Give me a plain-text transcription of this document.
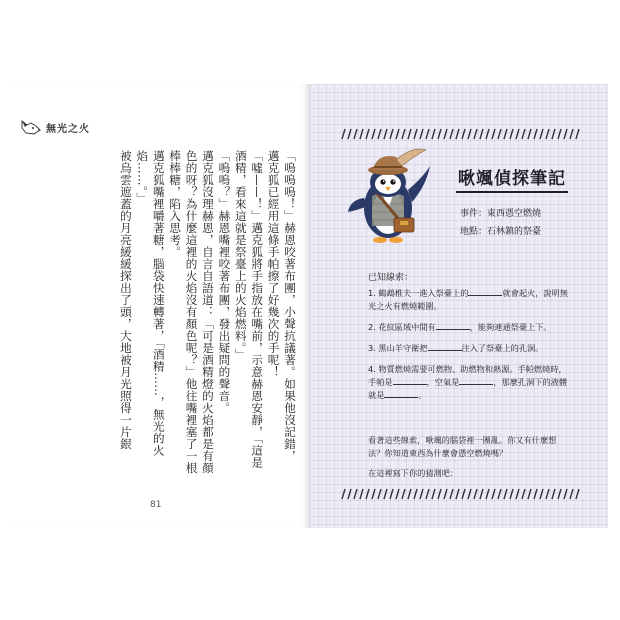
無光之火

「嗚嗚嗚！」赫恩咬著布團，小聲抗議著。如果他沒記錯，

邁克狐已經用這條手帕擦了好幾次的手呢！

「噓——！」邁克狐將手指放在嘴前，示意赫恩安靜，「這是酒精，看來這就是祭臺上的火焰燃料。」

「嗚嗚？」赫恩嘴裡咬著布團，發出疑問的聲音。

邁克狐沒理赫恩，自言自語道：「可是酒精燈的火焰都是有顏色的呀？為什麼這裡的火焰沒有顏色呢？」他往嘴裡塞了一根棒棒糖，陷入思考。

邁克狐嘴裡嚼著糖，腦袋快速轉著，「酒精……，無光的火焰……。」

被烏雲遮蓋的月亮緩緩探出了頭，大地被月光照得一片銀

81
啾颯偵探筆記
事件：東西憑空燃燒
地點：石林鎮的祭臺
已知線索：
1. 鶴鵡椎夫一進入祭臺上的	就會起火，說明無光之火有燃燒範圍。
2. 花紋區域中間有	，能夠連通祭臺上下。
3. 黑山羊守衛把	注入了祭臺上的孔洞。
4. 物質燃燒需要可燃物、助燃物和熱源。手帕燃燒時，手帕是	，空氣是	，那麼孔洞下的液體就是	。
看著這些線索，啾颯的腦袋裡一團亂。你又有什麼想法？你知道東西為什麼會憑空燃燒嗎？
在這裡寫下你的猜測吧：
